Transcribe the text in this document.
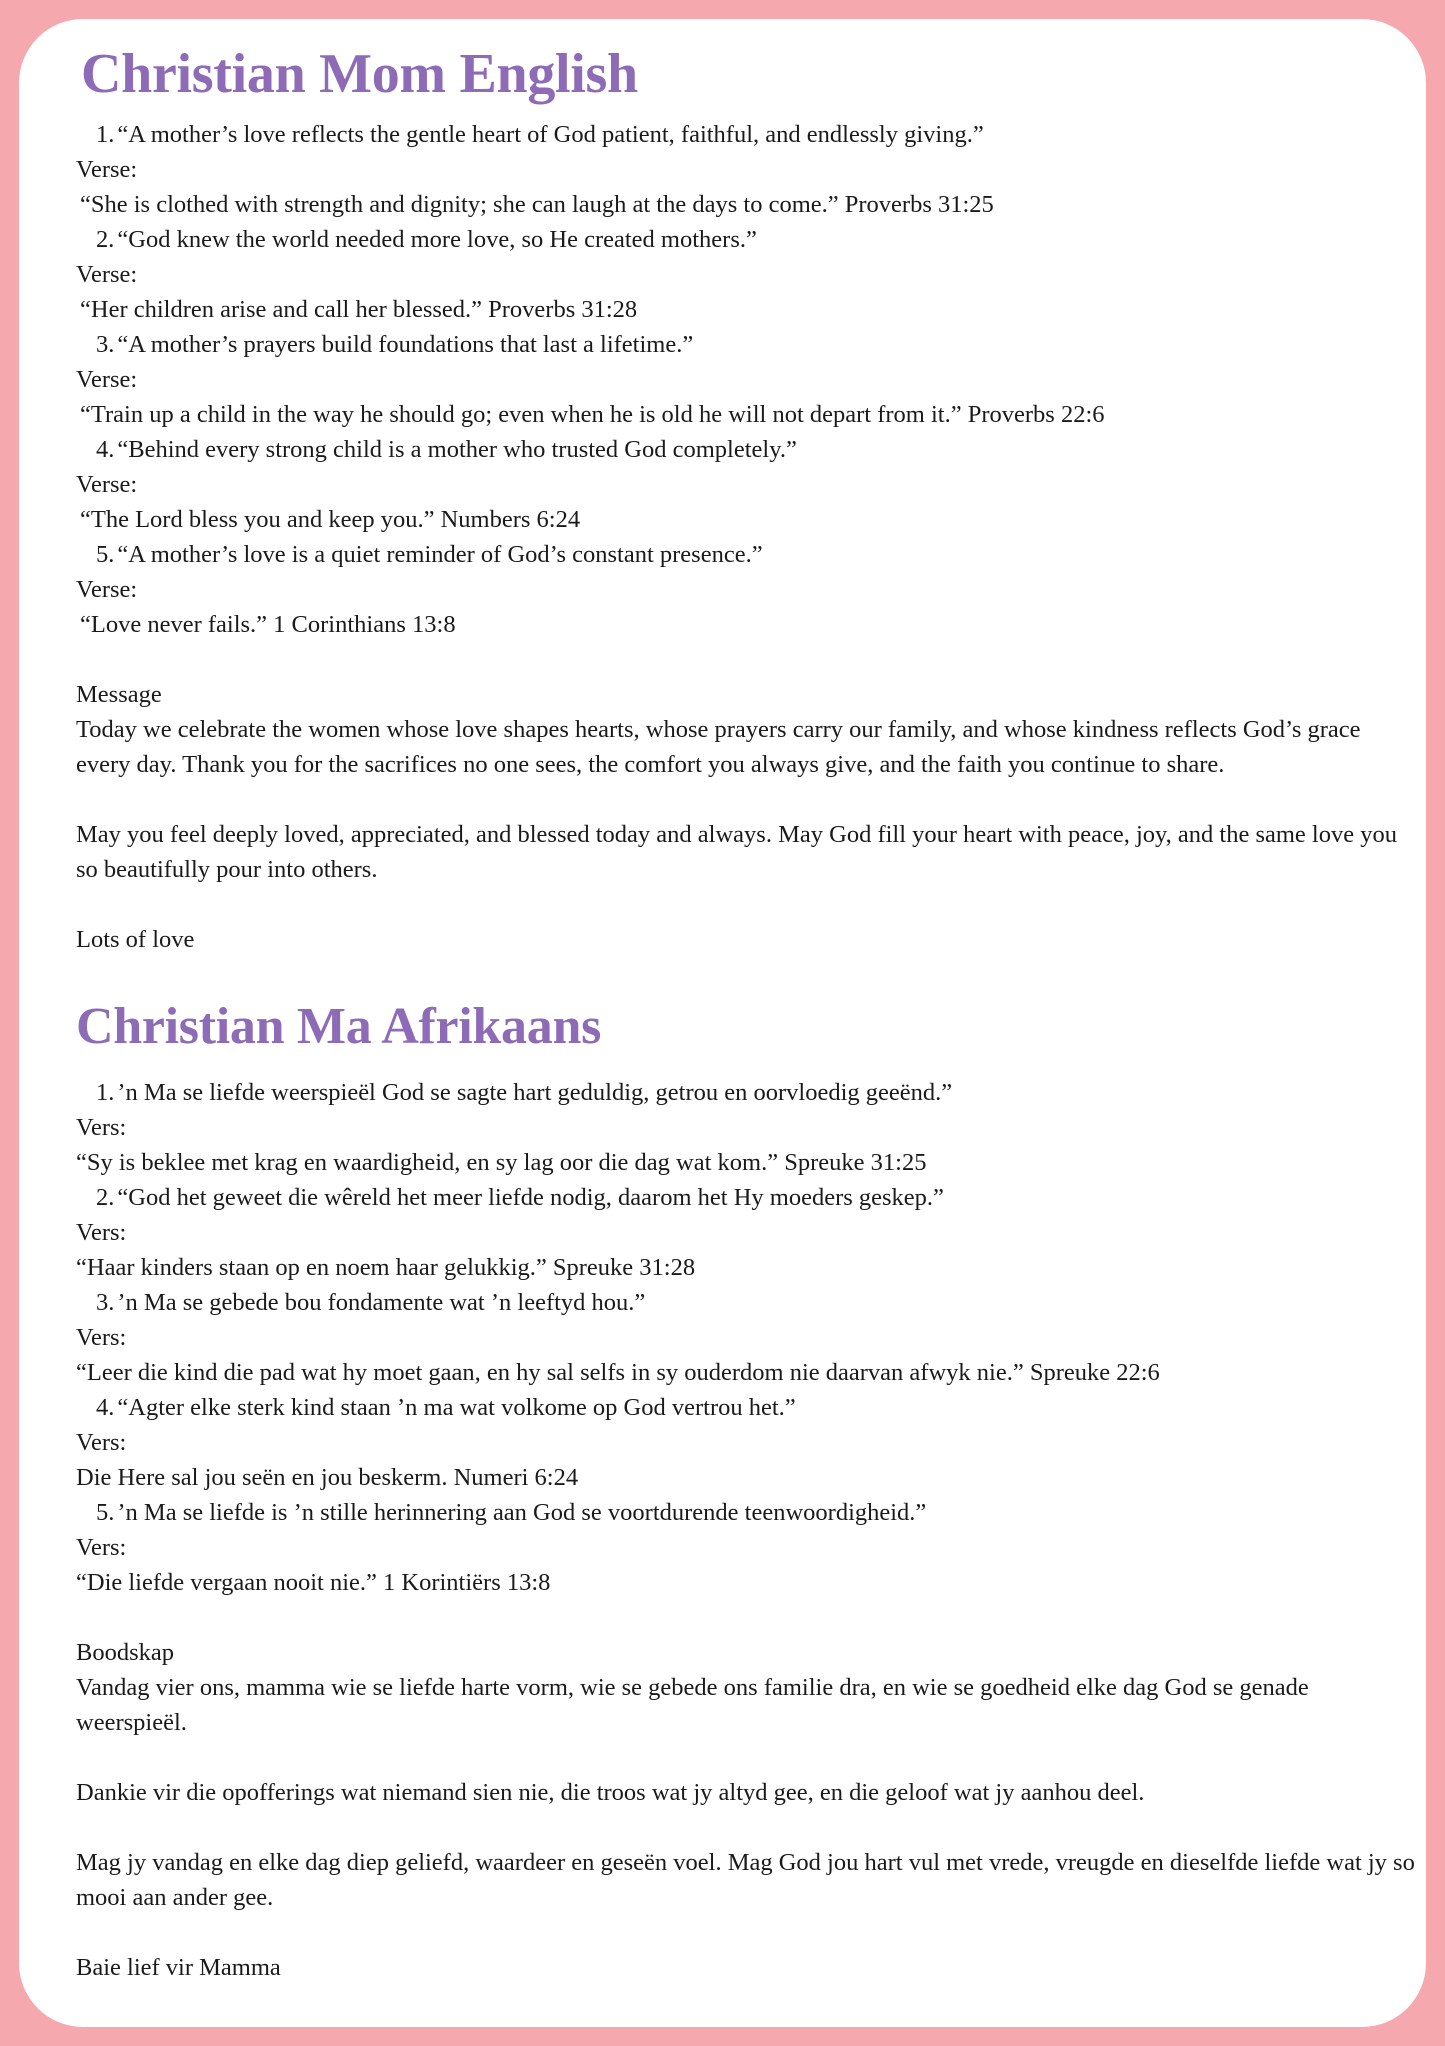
Christian Mom English
1. “A mother’s love reflects the gentle heart of God patient, faithful, and endlessly giving.”
Verse:
“She is clothed with strength and dignity; she can laugh at the days to come.” Proverbs 31:25
2. “God knew the world needed more love, so He created mothers.”
Verse:
“Her children arise and call her blessed.” Proverbs 31:28
3. “A mother’s prayers build foundations that last a lifetime.”
Verse:
“Train up a child in the way he should go; even when he is old he will not depart from it.” Proverbs 22:6
4. “Behind every strong child is a mother who trusted God completely.”
Verse:
“The Lord bless you and keep you.” Numbers 6:24
5. “A mother’s love is a quiet reminder of God’s constant presence.”
Verse:
“Love never fails.” 1 Corinthians 13:8
Message
Today we celebrate the women whose love shapes hearts, whose prayers carry our family, and whose kindness reflects God’s grace every day. Thank you for the sacrifices no one sees, the comfort you always give, and the faith you continue to share.
May you feel deeply loved, appreciated, and blessed today and always. May God fill your heart with peace, joy, and the same love you so beautifully pour into others.
Lots of love
Christian Ma Afrikaans
1. ’n Ma se liefde weerspieël God se sagte hart geduldig, getrou en oorvloedig geeënd.”
Vers:
“Sy is beklee met krag en waardigheid, en sy lag oor die dag wat kom.” Spreuke 31:25
2. “God het geweet die wêreld het meer liefde nodig, daarom het Hy moeders geskep.”
Vers:
“Haar kinders staan op en noem haar gelukkig.” Spreuke 31:28
3. ’n Ma se gebede bou fondamente wat ’n leeftyd hou.”
Vers:
“Leer die kind die pad wat hy moet gaan, en hy sal selfs in sy ouderdom nie daarvan afwyk nie.” Spreuke 22:6
4. “Agter elke sterk kind staan ’n ma wat volkome op God vertrou het.”
Vers:
Die Here sal jou seën en jou beskerm. Numeri 6:24
5. ’n Ma se liefde is ’n stille herinnering aan God se voortdurende teenwoordigheid.”
Vers:
“Die liefde vergaan nooit nie.” 1 Korintiërs 13:8
Boodskap
Vandag vier ons, mamma wie se liefde harte vorm, wie se gebede ons familie dra, en wie se goedheid elke dag God se genade weerspieël.
Dankie vir die opofferings wat niemand sien nie, die troos wat jy altyd gee, en die geloof wat jy aanhou deel.
Mag jy vandag en elke dag diep geliefd, waardeer en geseën voel. Mag God jou hart vul met vrede, vreugde en dieselfde liefde wat jy so mooi aan ander gee.
Baie lief vir Mamma
